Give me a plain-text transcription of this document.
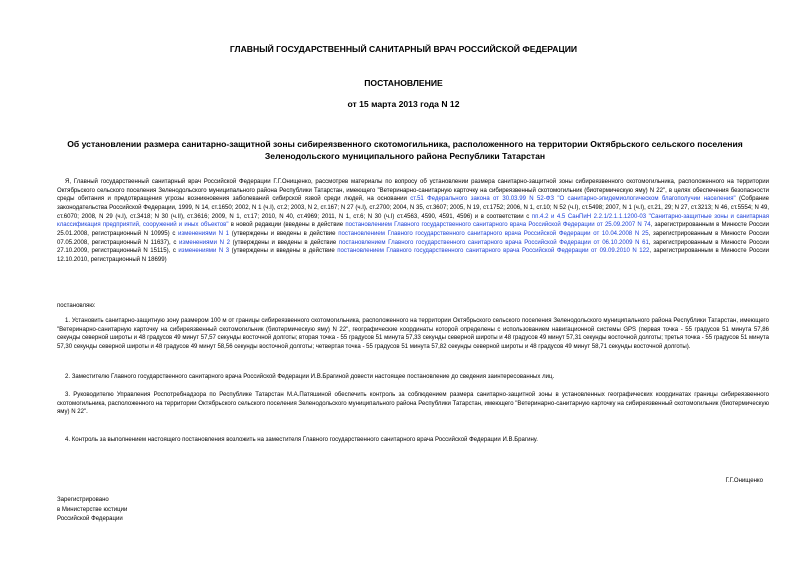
ГЛАВНЫЙ ГОСУДАРСТВЕННЫЙ САНИТАРНЫЙ ВРАЧ РОССИЙСКОЙ ФЕДЕРАЦИИ
ПОСТАНОВЛЕНИЕ
от 15 марта 2013 года N 12
Об установлении размера санитарно-защитной зоны сибиреязвенного скотомогильника, расположенного на территории Октябрьского сельского поселения Зеленодольского муниципального района Республики Татарстан
Я, Главный государственный санитарный врач Российской Федерации Г.Г.Онищенко, рассмотрев материалы по вопросу об установлении размера санитарно-защитной зоны сибиреязвенного скотомогильника, расположенного на территории Октябрьского сельского поселения Зеленодольского муниципального района Республики Татарстан, имеющего "Ветеринарно-санитарную карточку на сибиреязвенный скотомогильник (биотермическую яму) N 22", в целях обеспечения безопасности среды обитания и предотвращения угрозы возникновения заболеваний сибирской язвой среди людей, на основании ст.51 Федерального закона от 30.03.99 N 52-ФЗ "О санитарно-эпидемиологическом благополучии населения" (Собрание законодательства Российской Федерации, 1999, N 14, ст.1650; 2002, N 1 (ч.I), ст.2; 2003, N 2, ст.167; N 27 (ч.I), ст.2700; 2004, N 35, ст.3607; 2005, N 19, ст.1752; 2006, N 1, ст.10; N 52 (ч.I), ст.5498; 2007, N 1 (ч.I), ст.21, 29; N 27, ст.3213; N 46, ст.5554; N 49, ст.6070; 2008, N 29 (ч.I), ст.3418; N 30 (ч.II), ст.3616; 2009, N 1, ст.17; 2010, N 40, ст.4969; 2011, N 1, ст.6; N 30 (ч.I) ст.4563, 4590, 4591, 4596) и в соответствии с пп.4.2 и 4.5 СанПиН 2.2.1/2.1.1.1200-03 "Санитарно-защитные зоны и санитарная классификация предприятий, сооружений и иных объектов" в новой редакции (введены в действие постановлением Главного государственного санитарного врача Российской Федерации от 25.09.2007 N 74, зарегистрированным в Минюсте России 25.01.2008, регистрационный N 10995) с изменениями N 1 (утверждены и введены в действие постановлением Главного государственного санитарного врача Российской Федерации от 10.04.2008 N 25, зарегистрированным в Минюсте России 07.05.2008, регистрационный N 11637), с изменениями N 2 (утверждены и введены в действие постановлением Главного государственного санитарного врача Российской Федерации от 06.10.2009 N 61, зарегистрированным в Минюсте России 27.10.2009, регистрационный N 15115), с изменениями N 3 (утверждены и введены в действие постановлением Главного государственного санитарного врача Российской Федерации от 09.09.2010 N 122, зарегистрированным в Минюсте России 12.10.2010, регистрационный N 18699)
постановляю:
1. Установить санитарно-защитную зону размером 100 м от границы сибиреязвенного скотомогильника, расположенного на территории Октябрьского сельского поселения Зеленодольского муниципального района Республики Татарстан, имеющего "Ветеринарно-санитарную карточку на сибиреязвенный скотомогильник (биотермическую яму) N 22", географические координаты которой определены с использованием навигационной системы GPS (первая точка - 55 градусов 51 минута 57,86 секунды северной широты и 48 градусов 49 минут 57,57 секунды восточной долготы; вторая точка - 55 градусов 51 минута 57,33 секунды северной широты и 48 градусов 49 минут 57,31 секунды восточной долготы; третья точка - 55 градусов 51 минута 57,30 секунды северной широты и 48 градусов 49 минут 58,56 секунды восточной долготы; четвертая точка - 55 градусов 51 минута 57,82 секунды северной широты и 48 градусов 49 минут 58,71 секунды восточной долготы).
2. Заместителю Главного государственного санитарного врача Российской Федерации И.В.Брагиной довести настоящее постановление до сведения заинтересованных лиц.
3. Руководителю Управления Роспотребнадзора по Республике Татарстан М.А.Патяшиной обеспечить контроль за соблюдением размера санитарно-защитной зоны в установленных географических координатах границы сибиреязвенного скотомогильника, расположенного на территории Октябрьского сельского поселения Зеленодольского муниципального района Республики Татарстан, имеющего "Ветеринарно-санитарную карточку на сибиреязвенный скотомогильник (биотермическую яму) N 22".
4. Контроль за выполнением настоящего постановления возложить на заместителя Главного государственного санитарного врача Российской Федерации И.В.Брагину.
Г.Г.Онищенко
Зарегистрировано
в Министерстве юстиции
Российской Федерации
